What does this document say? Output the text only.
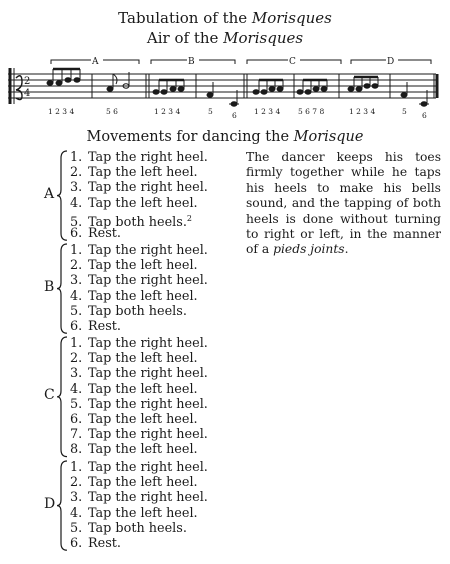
Tabulation of the Morisques
Air of the Morisques
2
4
A	B	C	D
1 2 3 4	5 6	1 2 3 4	5	6 1 2 3 4 5 6 7 8	1 2 3 4	5 6
Movements for dancing the Morisque
A
1. Tap the right heel.
2. Tap the left heel.
3. Tap the right heel.
4. Tap the left heel.
5. Tap both heels.$^2$
6. Rest.
B
1. Tap the right heel.
2. Tap the left heel.
3. Tap the right heel.
4. Tap the left heel.
5. Tap both heels.
6. Rest.
C
1. Tap the right heel.
2. Tap the left heel.
3. Tap the right heel.
4. Tap the left heel.
5. Tap the right heel.
6. Tap the left heel.
7. Tap the right heel.
8. Tap the left heel.
D
1. Tap the right heel.
2. Tap the left heel.
3. Tap the right heel.
4. Tap the left heel.
5. Tap both heels.
6. Rest.

The dancer keeps his toes firmly together while he taps his heels to make his bells sound, and the tapping of both heels is done without turning to right or left, in the manner of a pieds joints.
